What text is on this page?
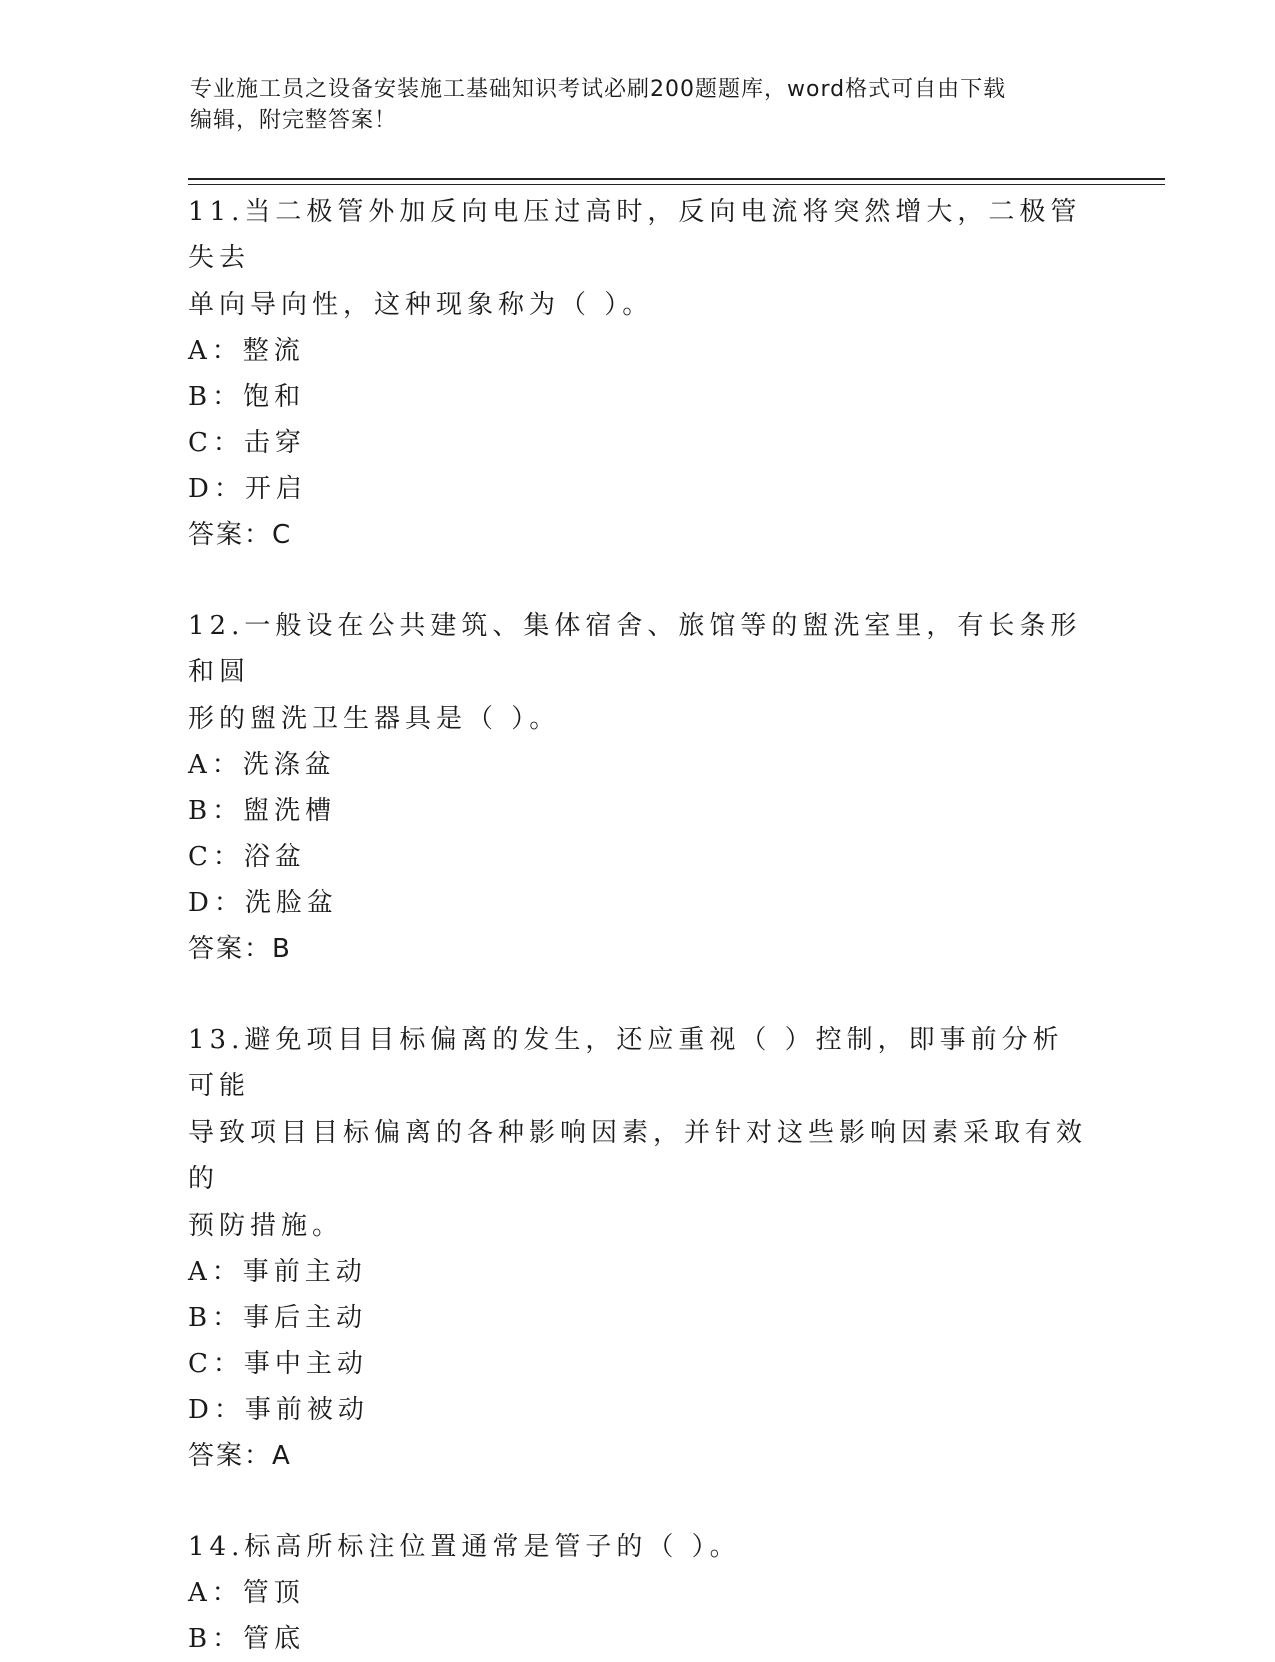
专业施工员之设备安装施工基础知识考试必刷200题题库，word格式可自由下载
编辑，附完整答案！

11.当二极管外加反向电压过高时，反向电流将突然增大，二极管失去

单向导向性，这种现象称为（ ）。

A：整流

B：饱和

C：击穿

D：开启

答案：C

12.一般设在公共建筑、集体宿舍、旅馆等的盥洗室里，有长条形和圆

形的盥洗卫生器具是（ ）。

A：洗涤盆

B：盥洗槽

C：浴盆

D：洗脸盆

答案：B

13.避免项目目标偏离的发生，还应重视（ ）控制，即事前分析可能

导致项目目标偏离的各种影响因素，并针对这些影响因素采取有效的

预防措施。

A：事前主动

B：事后主动

C：事中主动

D：事前被动

答案：A

14.标高所标注位置通常是管子的（ ）。

A：管顶

B：管底
